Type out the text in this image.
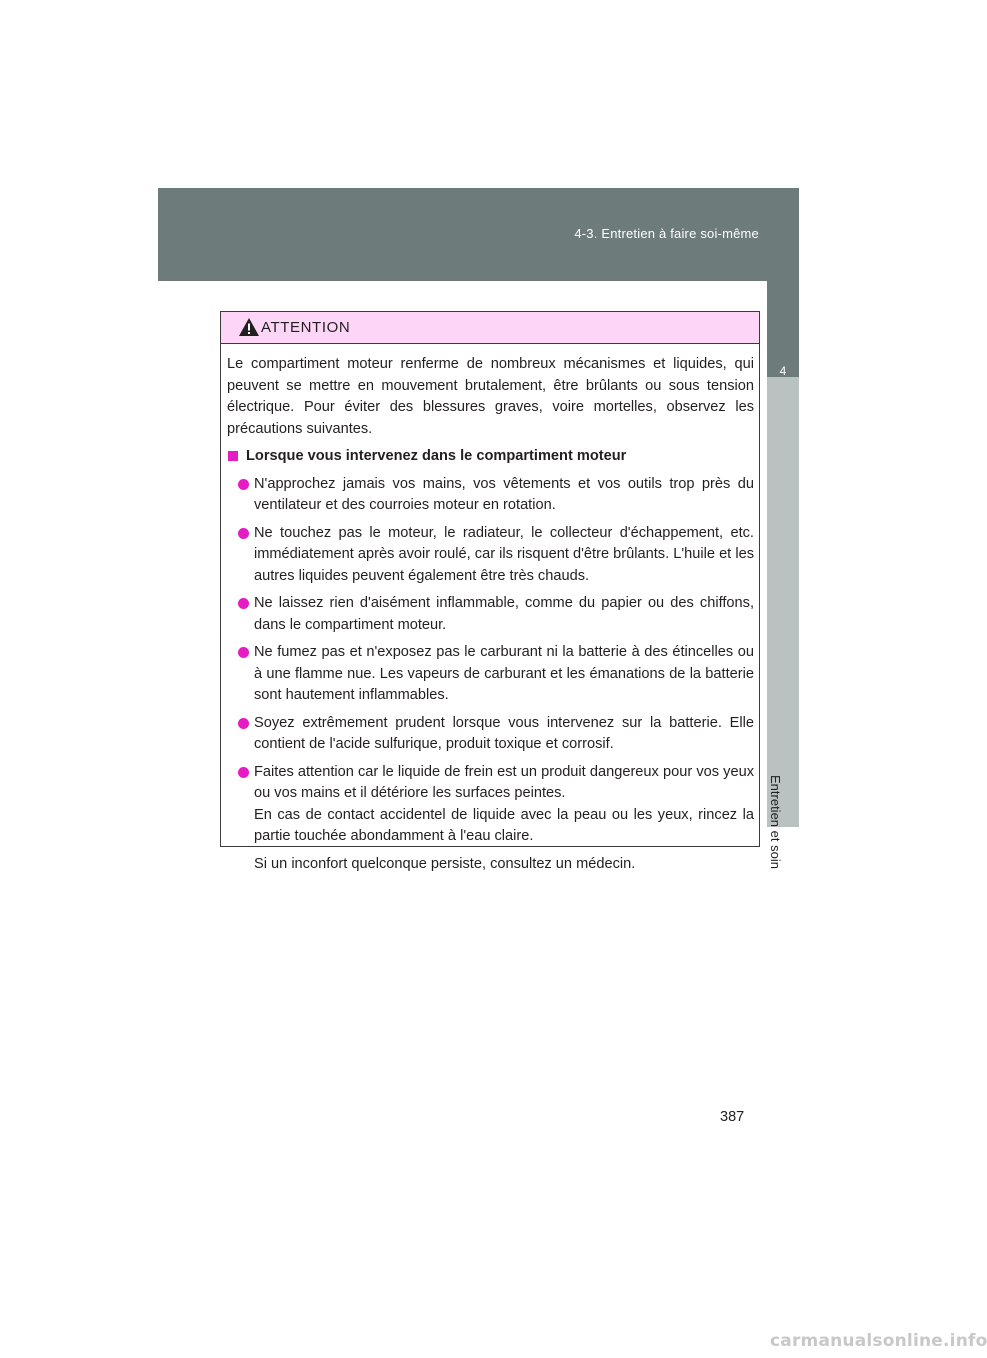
4-3. Entretien à faire soi-même
4
Entretien et soin
ATTENTION

Le compartiment moteur renferme de nombreux mécanismes et liquides, qui peuvent se mettre en mouvement brutalement, être brûlants ou sous tension électrique. Pour éviter des blessures graves, voire mortelles, observez les précautions suivantes.

Lorsque vous intervenez dans le compartiment moteur
N'approchez jamais vos mains, vos vêtements et vos outils trop près du ventilateur et des courroies moteur en rotation.
Ne touchez pas le moteur, le radiateur, le collecteur d'échappement, etc. immédiatement après avoir roulé, car ils risquent d'être brûlants. L'huile et les autres liquides peuvent également être très chauds.
Ne laissez rien d'aisément inflammable, comme du papier ou des chiffons, dans le compartiment moteur.
Ne fumez pas et n'exposez pas le carburant ni la batterie à des étincelles ou à une flamme nue. Les vapeurs de carburant et les émanations de la batterie sont hautement inflammables.
Soyez extrêmement prudent lorsque vous intervenez sur la batterie. Elle contient de l'acide sulfurique, produit toxique et corrosif.
Faites attention car le liquide de frein est un produit dangereux pour vos yeux ou vos mains et il détériore les surfaces peintes.

En cas de contact accidentel de liquide avec la peau ou les yeux, rincez la partie touchée abondamment à l'eau claire.

Si un inconfort quelconque persiste, consultez un médecin.

387
carmanualsonline.info
